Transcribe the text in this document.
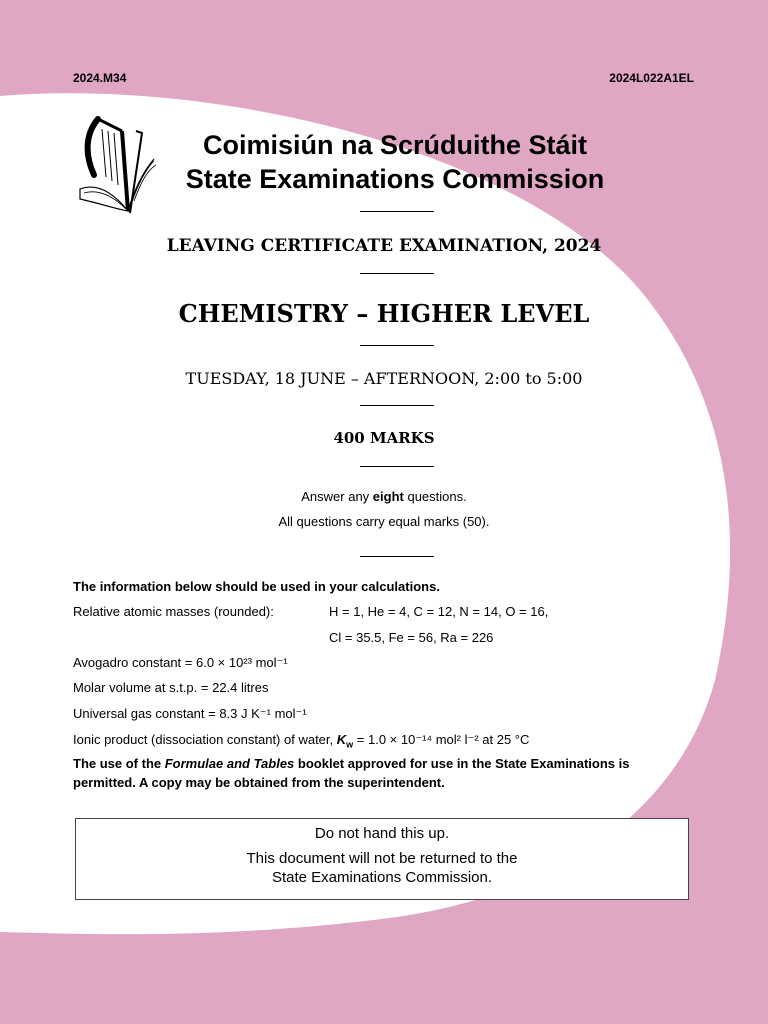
2024.M34	2024L022A1EL
Coimisiún na Scrúduithe Stáit
State Examinations Commission
LEAVING CERTIFICATE EXAMINATION, 2024
CHEMISTRY – HIGHER LEVEL
TUESDAY, 18 JUNE – AFTERNOON, 2:00 to 5:00
400 MARKS
Answer any eight questions.
All questions carry equal marks (50).
The information below should be used in your calculations.
Relative atomic masses (rounded):	H = 1, He = 4, C = 12, N = 14, O = 16,
Cl = 35.5, Fe = 56, Ra = 226
Avogadro constant = 6.0 × 10²³ mol⁻¹
Molar volume at s.t.p. = 22.4 litres
Universal gas constant = 8.3 J K⁻¹ mol⁻¹
Ionic product (dissociation constant) of water, $K_w = 1.0 \times 10^{-14}$ mol² l⁻² at 25 °C
The use of the Formulae and Tables booklet approved for use in the State Examinations is
permitted. A copy may be obtained from the superintendent.
Do not hand this up.
This document will not be returned to the
State Examinations Commission.
